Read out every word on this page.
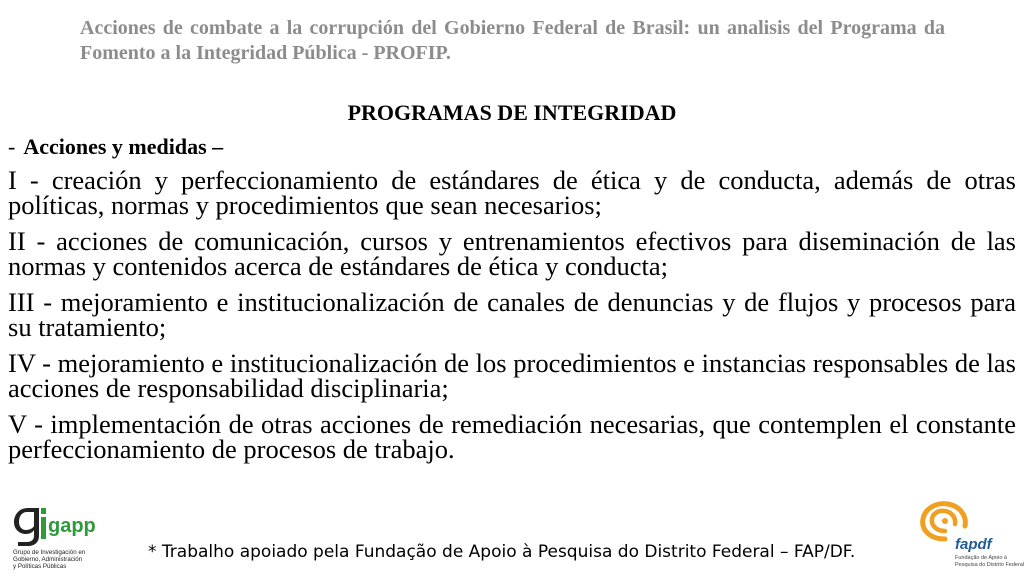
Acciones de combate a la corrupción del Gobierno Federal de Brasil: un analisis del Programa da Fomento a la Integridad Pública - PROFIP.
PROGRAMAS DE INTEGRIDAD
- Acciones y medidas –

I - creación y perfeccionamiento de estándares de ética y de conducta, además de otras políticas, normas y procedimientos que sean necesarios;

II - acciones de comunicación, cursos y entrenamientos efectivos para diseminación de las normas y contenidos acerca de estándares de ética y conducta;

III - mejoramiento e institucionalización de canales de denuncias y de flujos y procesos para su tratamiento;

IV - mejoramiento e institucionalización de los procedimientos e instancias responsables de las acciones de responsabilidad disciplinaria;

V - implementación de otras acciones de remediación necesarias, que contemplen el constante perfeccionamiento de procesos de trabajo.

gapp
Grupo de Investigación en
Gobierno, Administración
y Políticas Públicas
* Trabalho apoiado pela Fundação de Apoio à Pesquisa do Distrito Federal – FAP/DF.	fapdf
Fundação de Apoio à
Pesquisa do Distrito Federal
